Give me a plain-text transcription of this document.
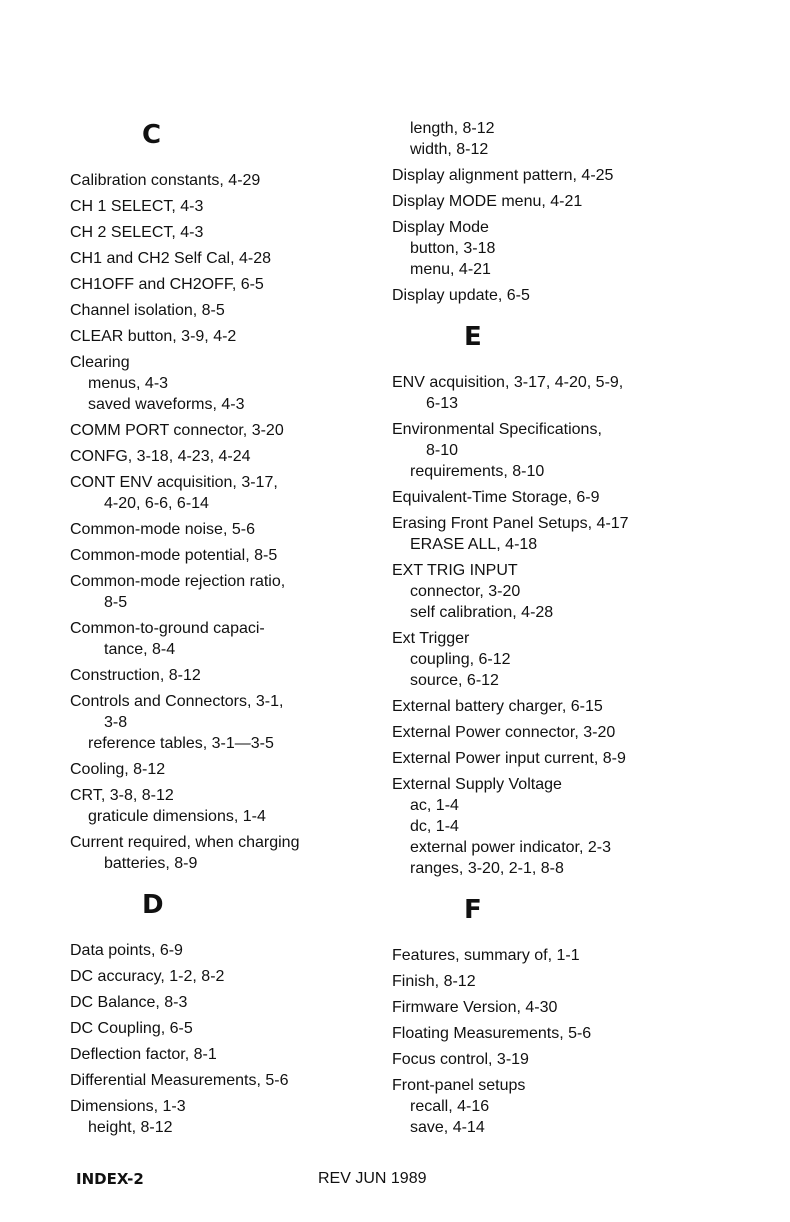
C
Calibration constants, 4-29
CH 1 SELECT, 4-3
CH 2 SELECT, 4-3
CH1 and CH2 Self Cal, 4-28
CH1OFF and CH2OFF, 6-5
Channel isolation, 8-5
CLEAR button, 3-9, 4-2
Clearing
menus, 4-3
saved waveforms, 4-3
COMM PORT connector, 3-20
CONFG, 3-18, 4-23, 4-24
CONT ENV acquisition, 3-17,
4-20, 6-6, 6-14
Common-mode noise, 5-6
Common-mode potential, 8-5
Common-mode rejection ratio,
8-5
Common-to-ground capaci-
tance, 8-4
Construction, 8-12
Controls and Connectors, 3-1,
3-8
reference tables, 3-1—3-5
Cooling, 8-12
CRT, 3-8, 8-12
graticule dimensions, 1-4
Current required, when charging
batteries, 8-9
D
Data points, 6-9
DC accuracy, 1-2, 8-2
DC Balance, 8-3
DC Coupling, 6-5
Deflection factor, 8-1
Differential Measurements, 5-6
Dimensions, 1-3
height, 8-12
length, 8-12
width, 8-12
Display alignment pattern, 4-25
Display MODE menu, 4-21
Display Mode
button, 3-18
menu, 4-21
Display update, 6-5
E
ENV acquisition, 3-17, 4-20, 5-9,
6-13
Environmental Specifications,
8-10
requirements, 8-10
Equivalent-Time Storage, 6-9
Erasing Front Panel Setups, 4-17
ERASE ALL, 4-18
EXT TRIG INPUT
connector, 3-20
self calibration, 4-28
Ext Trigger
coupling, 6-12
source, 6-12
External battery charger, 6-15
External Power connector, 3-20
External Power input current, 8-9
External Supply Voltage
ac, 1-4
dc, 1-4
external power indicator, 2-3
ranges, 3-20, 2-1, 8-8
F
Features, summary of, 1-1
Finish, 8-12
Firmware Version, 4-30
Floating Measurements, 5-6
Focus control, 3-19
Front-panel setups
recall, 4-16
save, 4-14
INDEX-2	REV JUN 1989
